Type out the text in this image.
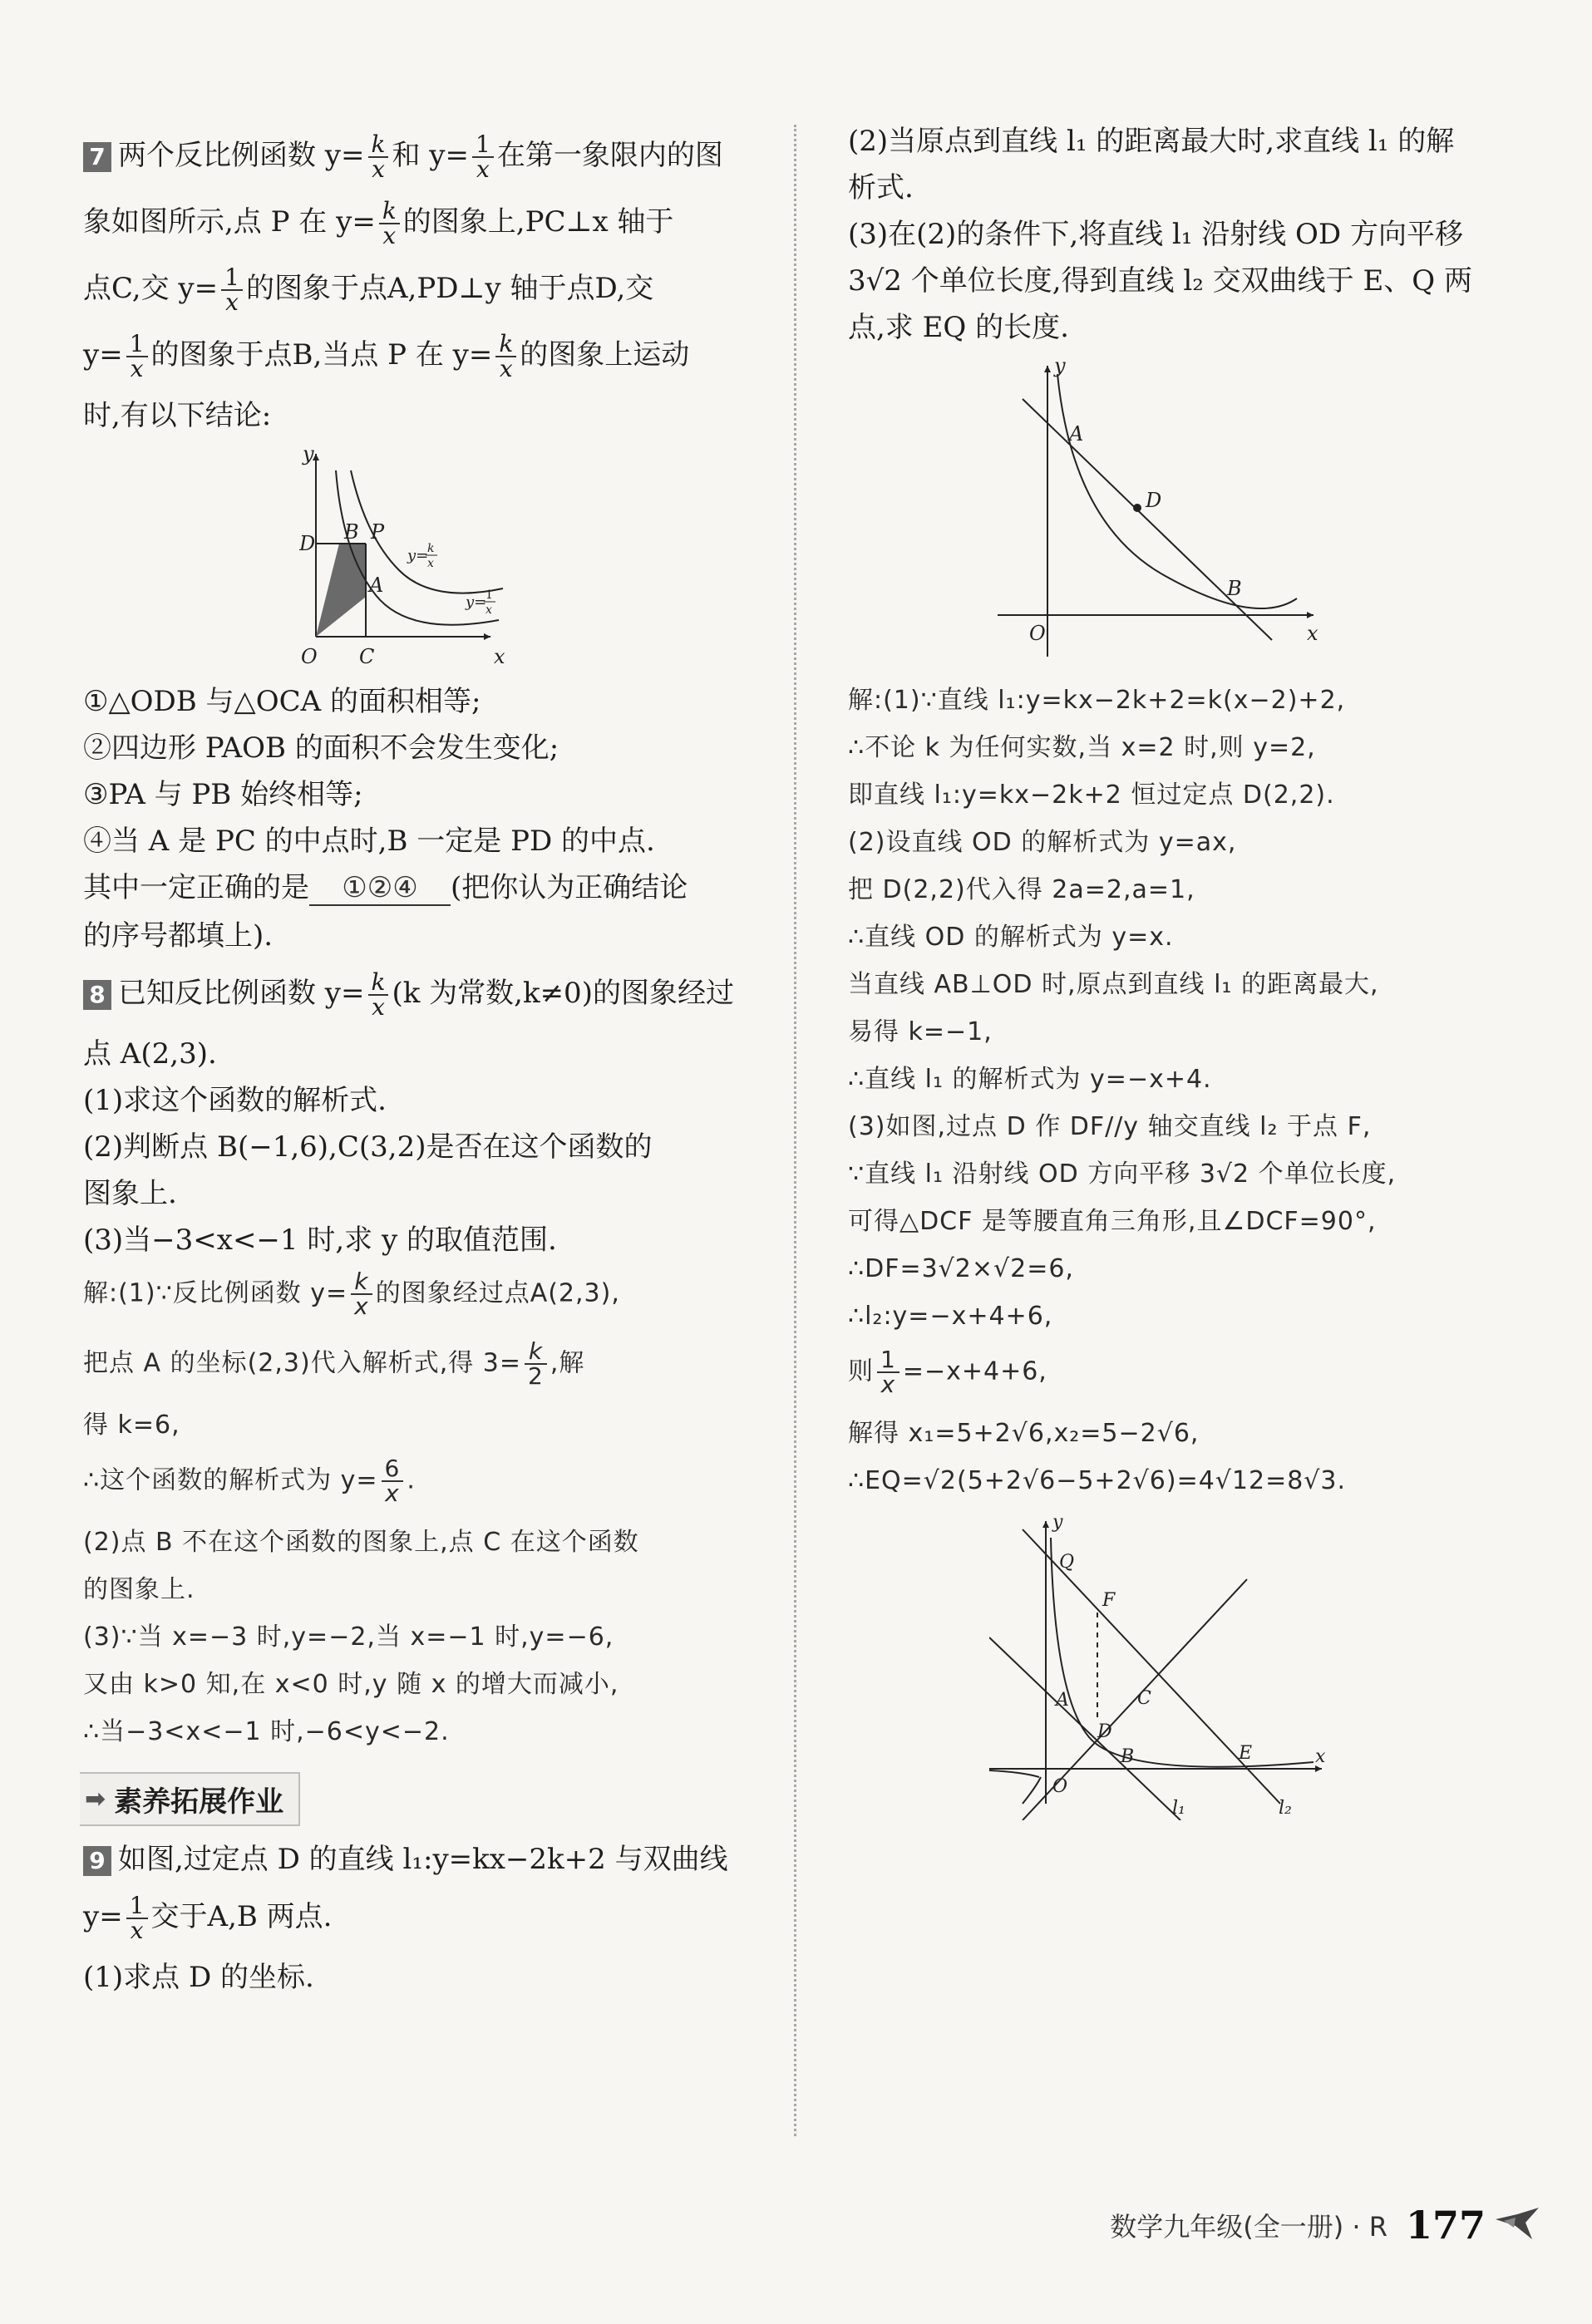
7 两个反比例函数 $y= \frac{k}{x}$ 和 $y= \frac{1}{x}$ 在第一象限内的图
象如图所示,点 P 在 $y= \frac{k}{x}$ 的图象上,PC⊥x 轴于
点C,交 $y= \frac{1}{x}$ 的图象于点A,PD⊥y 轴于点D,交
$y= \frac{1}{x}$ 的图象于点B,当点 P 在 $y= \frac{k}{x}$ 的图象上运动
时,有以下结论:
y
x
O
D B P
A
C
y=
k
x
y=
1
x
①△ODB 与△OCA 的面积相等;
②四边形 PAOB 的面积不会发生变化;
③PA 与 PB 始终相等;
④当 A 是 PC 的中点时,B 一定是 PD 的中点.
其中一定正确的是 ①②④ (把你认为正确结论
的序号都填上).
8 已知反比例函数 $y= \frac{k}{x} (k$ 为常数,k≠0)的图象经过
点 A(2,3).
(1)求这个函数的解析式.
(2)判断点 B(−1,6),C(3,2)是否在这个函数的
图象上.
(3)当−3<x<−1 时,求 y 的取值范围.
解:(1)∵反比例函数 $y= \frac{k}{x}$ 的图象经过点A(2,3),
把点 A 的坐标(2,3)代入解析式,得 $3= \frac{k}{2}$ ,解
得 k=6,
∴这个函数的解析式为 $y= \frac{6}{x}$ .
(2)点 B 不在这个函数的图象上,点 C 在这个函数
的图象上.
(3)∵当 x=−3 时,y=−2,当 x=−1 时,y=−6,
又由 k>0 知,在 x<0 时,y 随 x 的增大而减小,
∴当−3<x<−1 时,−6<y<−2.
➡ 素养拓展作业
9 如图,过定点 D 的直线 l₁:y=kx−2k+2 与双曲线
$y= \frac{1}{x}$ 交于A,B 两点.
(1)求点 D 的坐标.
(2)当原点到直线 l₁ 的距离最大时,求直线 l₁ 的解
析式.
(3)在(2)的条件下,将直线 l₁ 沿射线 OD 方向平移
3√2 个单位长度,得到直线 l₂ 交双曲线于 E、Q 两
点,求 EQ 的长度.
y
x
O
A
D
B
解:(1)∵直线 l₁:y=kx−2k+2=k(x−2)+2,
∴不论 k 为任何实数,当 x=2 时,则 y=2,
即直线 l₁:y=kx−2k+2 恒过定点 D(2,2).
(2)设直线 OD 的解析式为 y=ax,
把 D(2,2)代入得 2a=2,a=1,
∴直线 OD 的解析式为 y=x.
当直线 AB⊥OD 时,原点到直线 l₁ 的距离最大,
易得 k=−1,
∴直线 l₁ 的解析式为 y=−x+4.
(3)如图,过点 D 作 DF//y 轴交直线 l₂ 于点 F,
∵直线 l₁ 沿射线 OD 方向平移 3√2 个单位长度,
可得△DCF 是等腰直角三角形,且∠DCF=90°,
∴DF=3√2×√2=6,
∴l₂:y=−x+4+6,
则 $\frac{1}{x} =-x+4+6$,
解得 x₁=5+2√6,x₂=5−2√6,
∴EQ=√2(5+2√6−5+2√6)=4√12=8√3.
y
x
O
Q
F
A	C
D
B	E
l₁	l₂
数学九年级(全一册) · R 177
